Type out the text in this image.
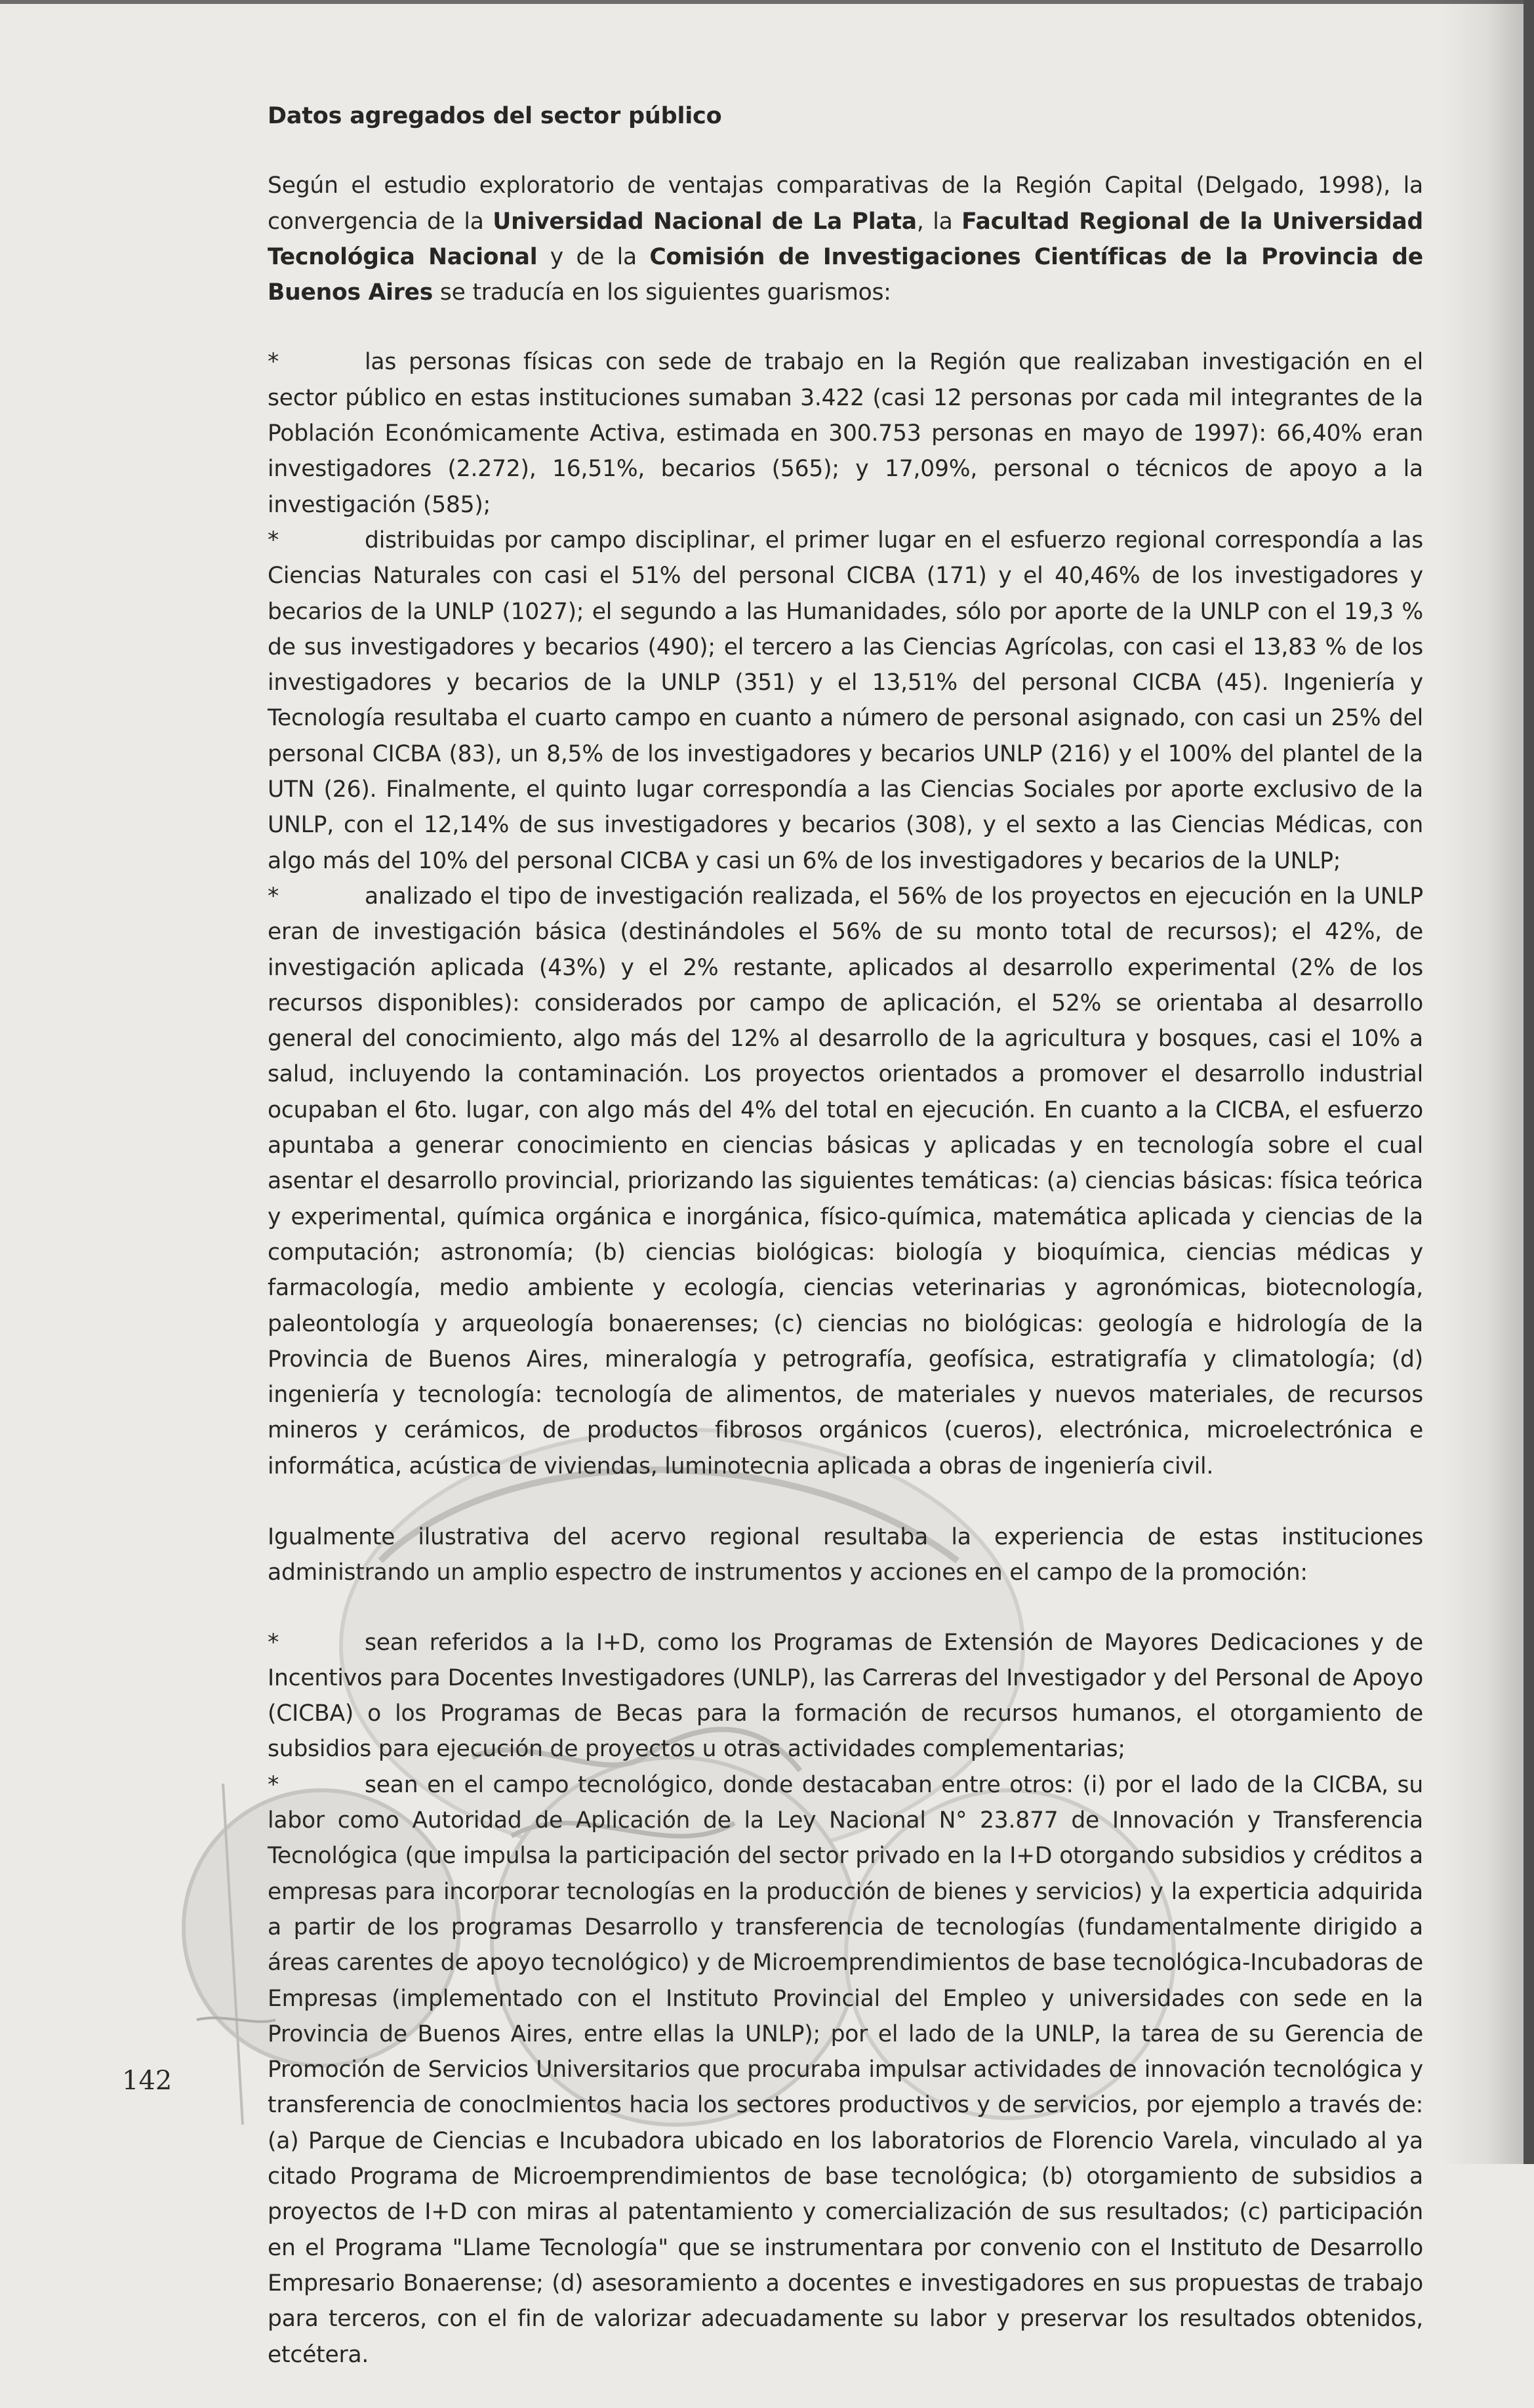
Datos agregados del sector público

Según el estudio exploratorio de ventajas comparativas de la Región Capital (Delgado, 1998), la convergencia de la Universidad Nacional de La Plata, la Facultad Regional de la Universidad Tecnológica Nacional y de la Comisión de Investigaciones Científicas de la Provincia de Buenos Aires se traducía en los siguientes guarismos:

*	las personas físicas con sede de trabajo en la Región que realizaban investigación en el sector público en estas instituciones sumaban 3.422 (casi 12 personas por cada mil integrantes de la Población Económicamente Activa, estimada en 300.753 personas en mayo de 1997): 66,40% eran investigadores (2.272), 16,51%, becarios (565); y 17,09%, personal o técnicos de apoyo a la investigación (585);

*	distribuidas por campo disciplinar, el primer lugar en el esfuerzo regional correspondía a las Ciencias Naturales con casi el 51% del personal CICBA (171) y el 40,46% de los investigadores y becarios de la UNLP (1027); el segundo a las Humanidades, sólo por aporte de la UNLP con el 19,3 % de sus investigadores y becarios (490); el tercero a las Ciencias Agrícolas, con casi el 13,83 % de los investigadores y becarios de la UNLP (351) y el 13,51% del personal CICBA (45). Ingeniería y Tecnología resultaba el cuarto campo en cuanto a número de personal asignado, con casi un 25% del personal CICBA (83), un 8,5% de los investigadores y becarios UNLP (216) y el 100% del plantel de la UTN (26). Finalmente, el quinto lugar correspondía a las Ciencias Sociales por aporte exclusivo de la UNLP, con el 12,14% de sus investigadores y becarios (308), y el sexto a las Ciencias Médicas, con algo más del 10% del personal CICBA y casi un 6% de los investigadores y becarios de la UNLP;

*	analizado el tipo de investigación realizada, el 56% de los proyectos en ejecución en la UNLP eran de investigación básica (destinándoles el 56% de su monto total de recursos); el 42%, de investigación aplicada (43%) y el 2% restante, aplicados al desarrollo experimental (2% de los recursos disponibles): considerados por campo de aplicación, el 52% se orientaba al desarrollo general del conocimiento, algo más del 12% al desarrollo de la agricultura y bosques, casi el 10% a salud, incluyendo la contaminación. Los proyectos orientados a promover el desarrollo industrial ocupaban el 6to. lugar, con algo más del 4% del total en ejecución. En cuanto a la CICBA, el esfuerzo apuntaba a generar conocimiento en ciencias básicas y aplicadas y en tecnología sobre el cual asentar el desarrollo provincial, priorizando las siguientes temáticas: (a) ciencias básicas: física teórica y experimental, química orgánica e inorgánica, físico-química, matemática aplicada y ciencias de la computación; astronomía; (b) ciencias biológicas: biología y bioquímica, ciencias médicas y farmacología, medio ambiente y ecología, ciencias veterinarias y agronómicas, biotecnología, paleontología y arqueología bonaerenses; (c) ciencias no biológicas: geología e hidrología de la Provincia de Buenos Aires, mineralogía y petrografía, geofísica, estratigrafía y climatología; (d) ingeniería y tecnología: tecnología de alimentos, de materiales y nuevos materiales, de recursos mineros y cerámicos, de productos fibrosos orgánicos (cueros), electrónica, microelectrónica e informática, acústica de viviendas, luminotecnia aplicada a obras de ingeniería civil.

Igualmente ilustrativa del acervo regional resultaba la experiencia de estas instituciones administrando un amplio espectro de instrumentos y acciones en el campo de la promoción:

*	sean referidos a la I+D, como los Programas de Extensión de Mayores Dedicaciones y de Incentivos para Docentes Investigadores (UNLP), las Carreras del Investigador y del Personal de Apoyo (CICBA) o los Programas de Becas para la formación de recursos humanos, el otorgamiento de subsidios para ejecución de proyectos u otras actividades complementarias;

*	sean en el campo tecnológico, donde destacaban entre otros: (i) por el lado de la CICBA, su labor como Autoridad de Aplicación de la Ley Nacional N° 23.877 de Innovación y Transferencia Tecnológica (que impulsa la participación del sector privado en la I+D otorgando subsidios y créditos a empresas para incorporar tecnologías en la producción de bienes y servicios) y la experticia adquirida a partir de los programas Desarrollo y transferencia de tecnologías (fundamentalmente dirigido a áreas carentes de apoyo tecnológico) y de Microemprendimientos de base tecnológica-Incubadoras de Empresas (implementado con el Instituto Provincial del Empleo y universidades con sede en la Provincia de Buenos Aires, entre ellas la UNLP); por el lado de la UNLP, la tarea de su Gerencia de Promoción de Servicios Universitarios que procuraba impulsar actividades de innovación tecnológica y transferencia de conoclmientos hacia los sectores productivos y de servicios, por ejemplo a través de: (a) Parque de Ciencias e Incubadora ubicado en los laboratorios de Florencio Varela, vinculado al ya citado Programa de Microemprendimientos de base tecnológica; (b) otorgamiento de subsidios a proyectos de I+D con miras al patentamiento y comercialización de sus resultados; (c) participación en el Programa "Llame Tecnología" que se instrumentara por convenio con el Instituto de Desarrollo Empresario Bonaerense; (d) asesoramiento a docentes e investigadores en sus propuestas de trabajo para terceros, con el fin de valorizar adecuadamente su labor y preservar los resultados obtenidos, etcétera.

142
